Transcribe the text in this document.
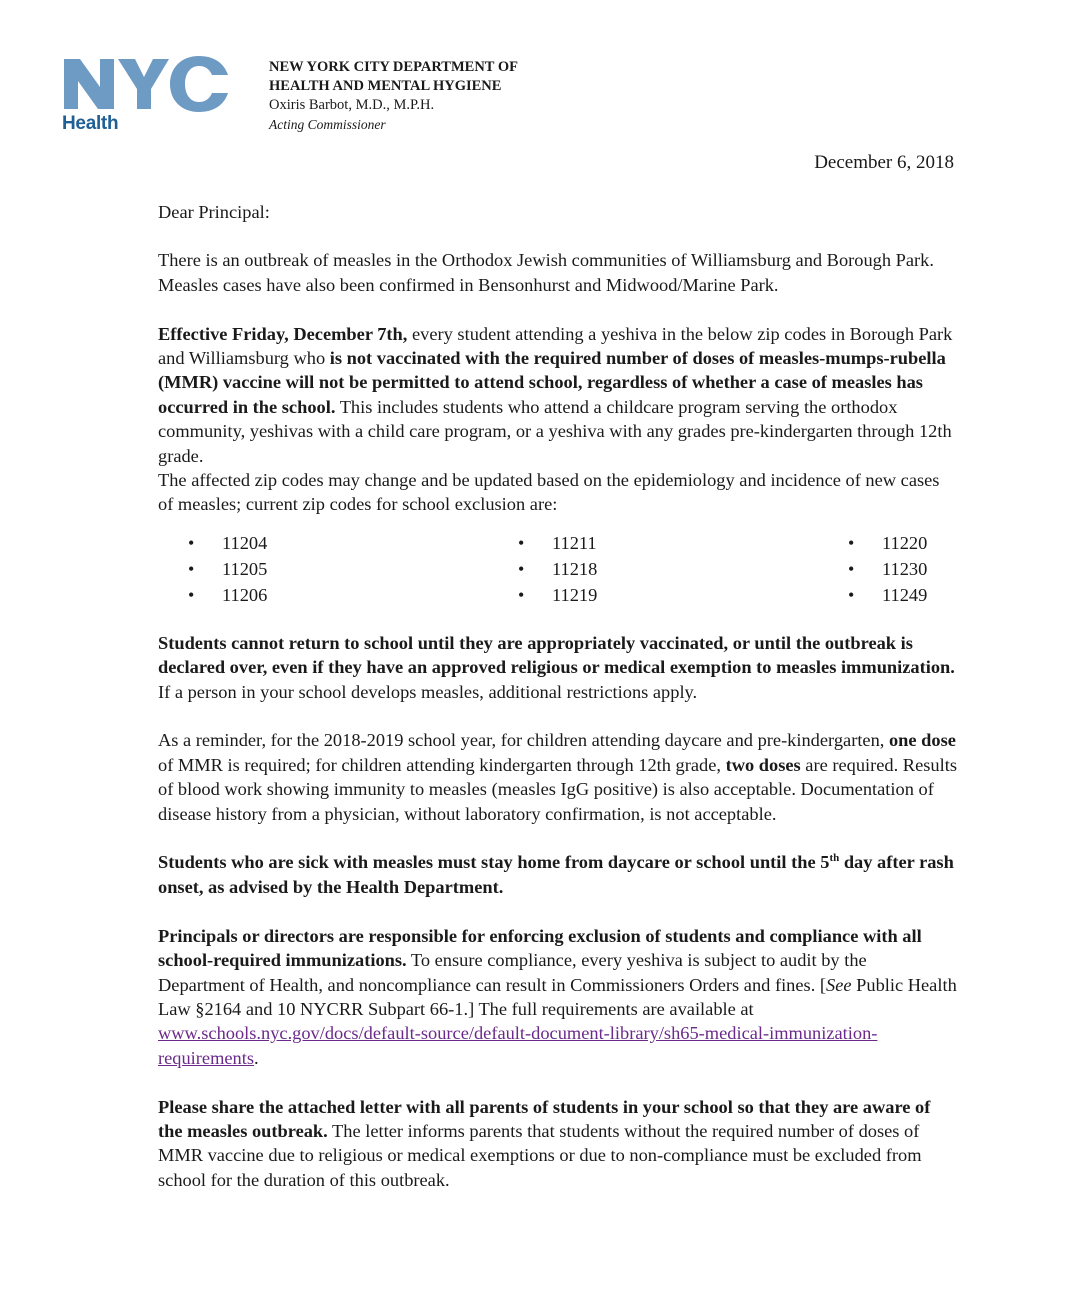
Health
NEW YORK CITY DEPARTMENT OF
HEALTH AND MENTAL HYGIENE
Oxiris Barbot, M.D., M.P.H.
Acting Commissioner
December 6, 2018

Dear Principal:

There is an outbreak of measles in the Orthodox Jewish communities of Williamsburg and Borough Park. Measles cases have also been confirmed in Bensonhurst and Midwood/Marine Park.

Effective Friday, December 7th, every student attending a yeshiva in the below zip codes in Borough Park and Williamsburg who is not vaccinated with the required number of doses of measles-mumps-rubella (MMR) vaccine will not be permitted to attend school, regardless of whether a case of measles has occurred in the school. This includes students who attend a childcare program serving the orthodox community, yeshivas with a child care program, or a yeshiva with any grades pre-kindergarten through 12th grade.

The affected zip codes may change and be updated based on the epidemiology and incidence of new cases of measles; current zip codes for school exclusion are:

• 11204
• 11205
• 11206
• 11211
• 11218
• 11219
• 11220
• 11230
• 11249

Students cannot return to school until they are appropriately vaccinated, or until the outbreak is declared over, even if they have an approved religious or medical exemption to measles immunization. If a person in your school develops measles, additional restrictions apply.

As a reminder, for the 2018-2019 school year, for children attending daycare and pre-kindergarten, one dose of MMR is required; for children attending kindergarten through 12th grade, two doses are required. Results of blood work showing immunity to measles (measles IgG positive) is also acceptable. Documentation of disease history from a physician, without laboratory confirmation, is not acceptable.

Students who are sick with measles must stay home from daycare or school until the 5th day after rash onset, as advised by the Health Department.

Principals or directors are responsible for enforcing exclusion of students and compliance with all school-required immunizations. To ensure compliance, every yeshiva is subject to audit by the Department of Health, and noncompliance can result in Commissioners Orders and fines. [See Public Health Law §2164 and 10 NYCRR Subpart 66-1.] The full requirements are available at www.schools.nyc.gov/docs/default-source/default-document-library/sh65-medical-immunization-requirements.

Please share the attached letter with all parents of students in your school so that they are aware of the measles outbreak. The letter informs parents that students without the required number of doses of MMR vaccine due to religious or medical exemptions or due to non-compliance must be excluded from school for the duration of this outbreak.
